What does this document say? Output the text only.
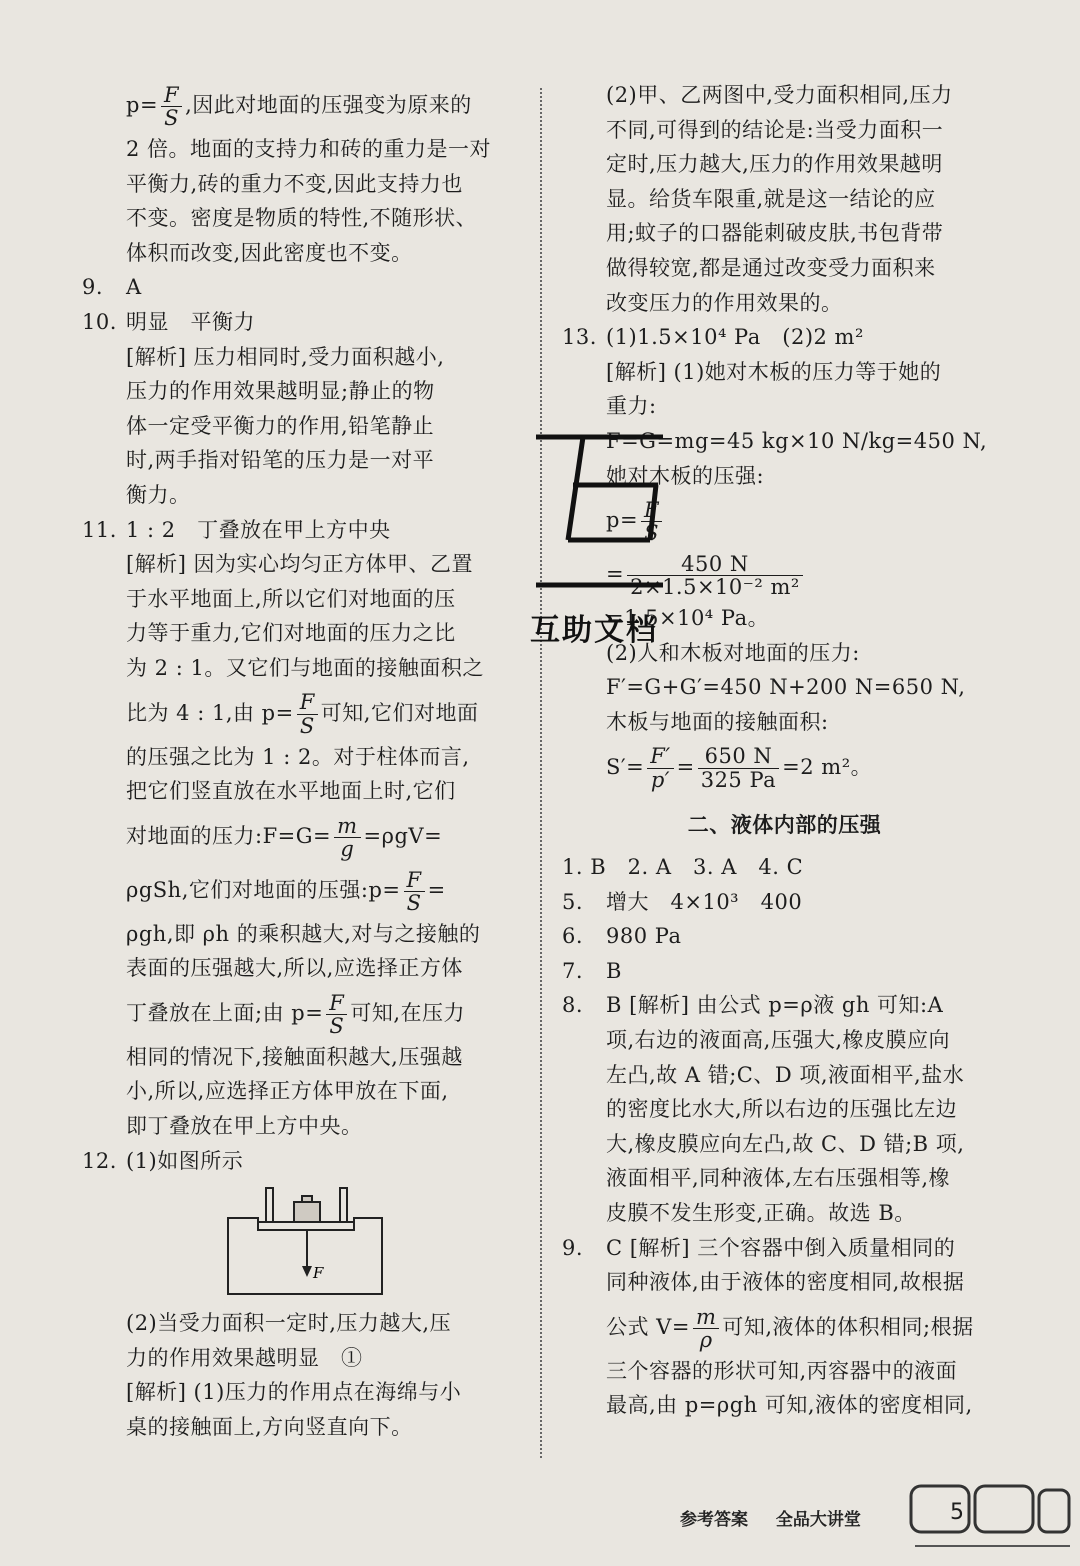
$p= \frac{F}{S}$ ,因此对地面的压强变为原来的

2 倍。地面的支持力和砖的重力是一对

平衡力,砖的重力不变,因此支持力也

不变。密度是物质的特性,不随形状、

体积而改变,因此密度也不变。

9. A

10. 明显　平衡力

[解析] 压力相同时,受力面积越小,

压力的作用效果越明显;静止的物

体一定受平衡力的作用,铅笔静止

时,两手指对铅笔的压力是一对平

衡力。

11. 1 : 2　丁叠放在甲上方中央

[解析] 因为实心均匀正方体甲、乙置

于水平地面上,所以它们对地面的压

力等于重力,它们对地面的压力之比

为 2 : 1。又它们与地面的接触面积之

比为 4 : 1,由 $p= \frac{F}{S}$ 可知,它们对地面

的压强之比为 1 : 2。对于柱体而言,

把它们竖直放在水平地面上时,它们

对地面的压力:F=G= $\frac{m}{g} =\rho gV=$

ρgSh,它们对地面的压强:p= $\frac{F}{S}$ =

ρgh,即 ρh 的乘积越大,对与之接触的

表面的压强越大,所以,应选择正方体

丁叠放在上面;由 $p= \frac{F}{S}$ 可知,在压力

相同的情况下,接触面积越大,压强越

小,所以,应选择正方体甲放在下面,

即丁叠放在甲上方中央。

12. (1)如图所示

F

(2)当受力面积一定时,压力越大,压

力的作用效果越明显　①

[解析] (1)压力的作用点在海绵与小

桌的接触面上,方向竖直向下。

(2)甲、乙两图中,受力面积相同,压力

不同,可得到的结论是:当受力面积一

定时,压力越大,压力的作用效果越明

显。给货车限重,就是这一结论的应

用;蚊子的口器能刺破皮肤,书包背带

做得较宽,都是通过改变受力面积来

改变压力的作用效果的。

13. (1)1.5×10⁴ Pa　(2)2 m²

[解析] (1)她对木板的压力等于她的

重力:

F=G=mg=45 kg×10 N/kg=450 N,

她对木板的压强:

$p= \frac{F}{S}$

= $\frac{450 N}{\text{2×1.5×10⁻² m²}}$

=1.5×10⁴ Pa。

(2)人和木板对地面的压力:

F′=G+G′=450 N+200 N=650 N,

木板与地面的接触面积:

$S'= \frac{F'}{p'} = \frac{650 N}{325 Pa} =2$ m²。

二、液体内部的压强

1. B　2. A　3. A　4. C

5. 增大　4×10³　400

6. 980 Pa

7. B

8. B [解析] 由公式 p=ρ液 gh 可知:A

项,右边的液面高,压强大,橡皮膜应向

左凸,故 A 错;C、D 项,液面相平,盐水

的密度比水大,所以右边的压强比左边

大,橡皮膜应向左凸,故 C、D 错;B 项,

液面相平,同种液体,左右压强相等,橡

皮膜不发生形变,正确。故选 B。

9. C [解析] 三个容器中倒入质量相同的

同种液体,由于液体的密度相同,故根据

公式 $V= \frac{m}{\rho}$ 可知,液体的体积相同;根据

三个容器的形状可知,丙容器中的液面

最高,由 p=ρgh 可知,液体的密度相同,

互助文档
参考答案 全品大讲堂	5
